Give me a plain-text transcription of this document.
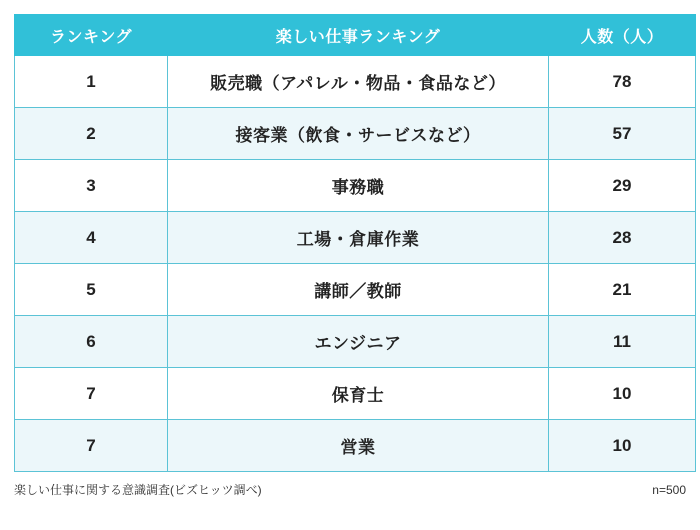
ランキング	楽しい仕事ランキング	人数（人）
1	販売職（アパレル・物品・食品など）	78
2	接客業（飲食・サービスなど）	57
3	事務職	29
4	工場・倉庫作業	28
5	講師／教師	21
6	エンジニア	11
7	保育士	10
7	営業	10
楽しい仕事に関する意識調査(ビズヒッツ調べ)	n=500
